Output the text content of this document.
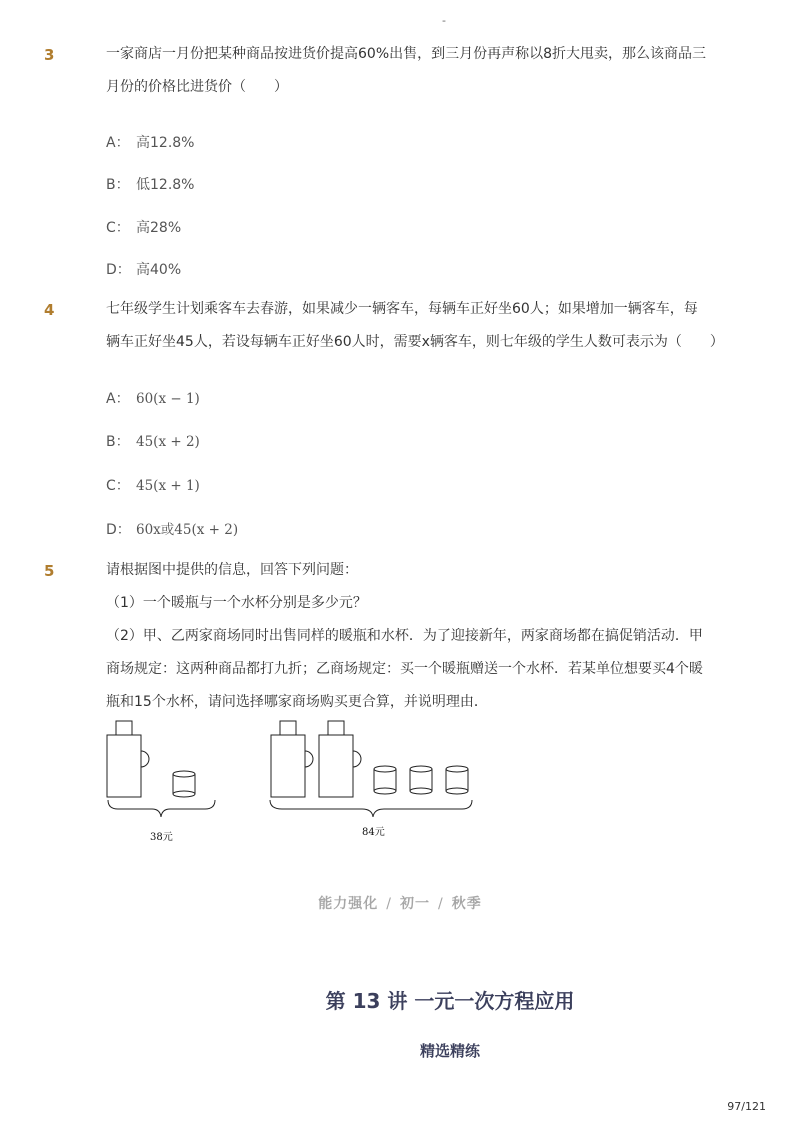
-
3	一家商店一月份把某种商品按进货价提高60%出售，到三月份再声称以8折大甩卖，那么该商品三
月份的价格比进货价（　　）
A： 高12.8%
B： 低12.8%
C： 高28%
D： 高40%
4	七年级学生计划乘客车去春游，如果减少一辆客车，每辆车正好坐60人；如果增加一辆客车，每
辆车正好坐45人，若设每辆车正好坐60人时，需要x辆客车，则七年级的学生人数可表示为（　　）
A： 60(x − 1)
B： 45(x + 2)
C： 45(x + 1)
D： 60x或45(x + 2)
5	请根据图中提供的信息，回答下列问题：
（1）一个暖瓶与一个水杯分别是多少元？
（2）甲、乙两家商场同时出售同样的暖瓶和水杯．为了迎接新年，两家商场都在搞促销活动．甲
商场规定：这两种商品都打九折；乙商场规定：买一个暖瓶赠送一个水杯．若某单位想要买4个暖
瓶和15个水杯，请问选择哪家商场购买更合算，并说明理由．
38元	84元
能力强化 / 初一 / 秋季
第 13 讲 一元一次方程应用
精选精练
97/121
